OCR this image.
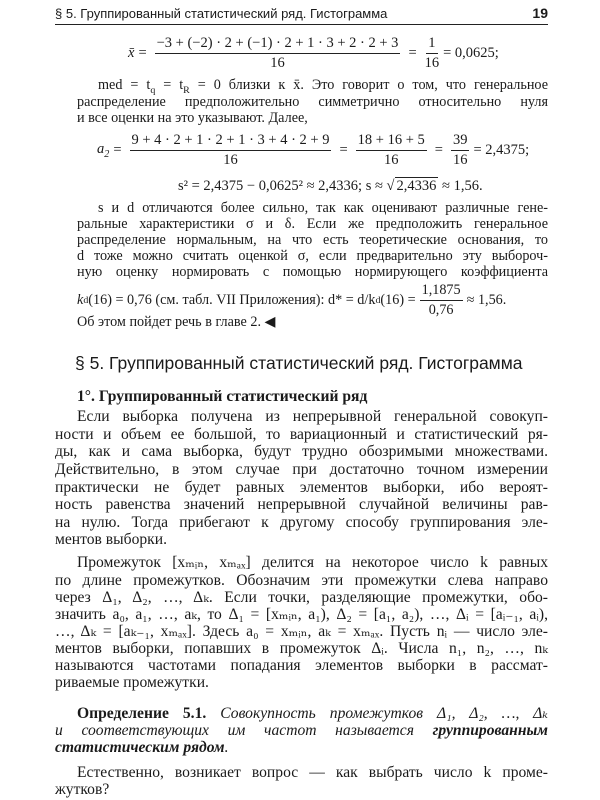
§ 5. Группированный статистический ряд. Гистограмма	19
x̄ = $\frac{-3 + (-2) \cdot 2 + (-1) \cdot 2 + 1 \cdot 3 + 2 \cdot 2 + 3}{16} = \frac{1}{16} = 0,0625$;
med = $t_q = t_R = 0$ близки к x̄. Это говорит о том, что генеральное
распределение предположительно симметрично относительно нуля
и все оценки на это указывают. Далее,
$a_2 = \frac{9 + 4 \cdot 2 + 1 \cdot 2 + 1 \cdot 3 + 4 \cdot 2 + 9}{16} = \frac{18 + 16 + 5}{16} = \frac{39}{16} = 2,4375$;
s² = 2,4375 − 0,0625² ≈ 2,4336;
s ≈ √ 2,4336
≈ 1,56.
s и d отличаются более сильно, так как оценивают различные гене-
ральные характеристики σ и δ. Если же предположить генеральное
распределение нормальным, на что есть теоретические основания, то
d тоже можно считать оценкой σ, если предварительно эту выбороч-
ную оценку нормировать с помощью нормирующего коэффициента
k d (16) = 0,76 (см. табл. VII Приложения): d* = d/k d $(16) = \frac{1,1875}{0,76} \approx 1,56$.
Об этом пойдет речь в главе 2. ◀
§ 5. Группированный статистический ряд. Гистограмма
1°. Группированный статистический ряд
Если выборка получена из непрерывной генеральной совокуп-
ности и объем ее большой, то вариационный и статистический ря-
ды, как и сама выборка, будут трудно обозримыми множествами.
Действительно, в этом случае при достаточно точном измерении
практически не будет равных элементов выборки, ибо вероят-
ность равенства значений непрерывной случайной величины рав-
на нулю. Тогда прибегают к другому способу группирования эле-
ментов выборки.
Промежуток [xₘᵢₙ, xₘₐₓ] делится на некоторое число k равных
по длине промежутков. Обозначим эти промежутки слева направо
через Δ₁, Δ₂, …, Δₖ. Если точки, разделяющие промежутки, обо-
значить a₀, a₁, …, aₖ, то Δ₁ = [xₘᵢₙ, a₁), Δ₂ = [a₁, a₂), …, Δᵢ = [aᵢ₋₁, aᵢ),
…, Δₖ = [aₖ₋₁, xₘₐₓ]. Здесь a₀ = xₘᵢₙ, aₖ = xₘₐₓ. Пусть nᵢ — число эле-
ментов выборки, попавших в промежуток Δᵢ. Числа n₁, n₂, …, nₖ
называются частотами попадания элементов выборки в рассмат-
риваемые промежутки.
Определение 5.1. Совокупность промежутков Δ₁, Δ₂, …, Δₖ
и соответствующих им частот называется группированным
статистическим рядом.
Естественно, возникает вопрос — как выбрать число k проме-
жутков?
